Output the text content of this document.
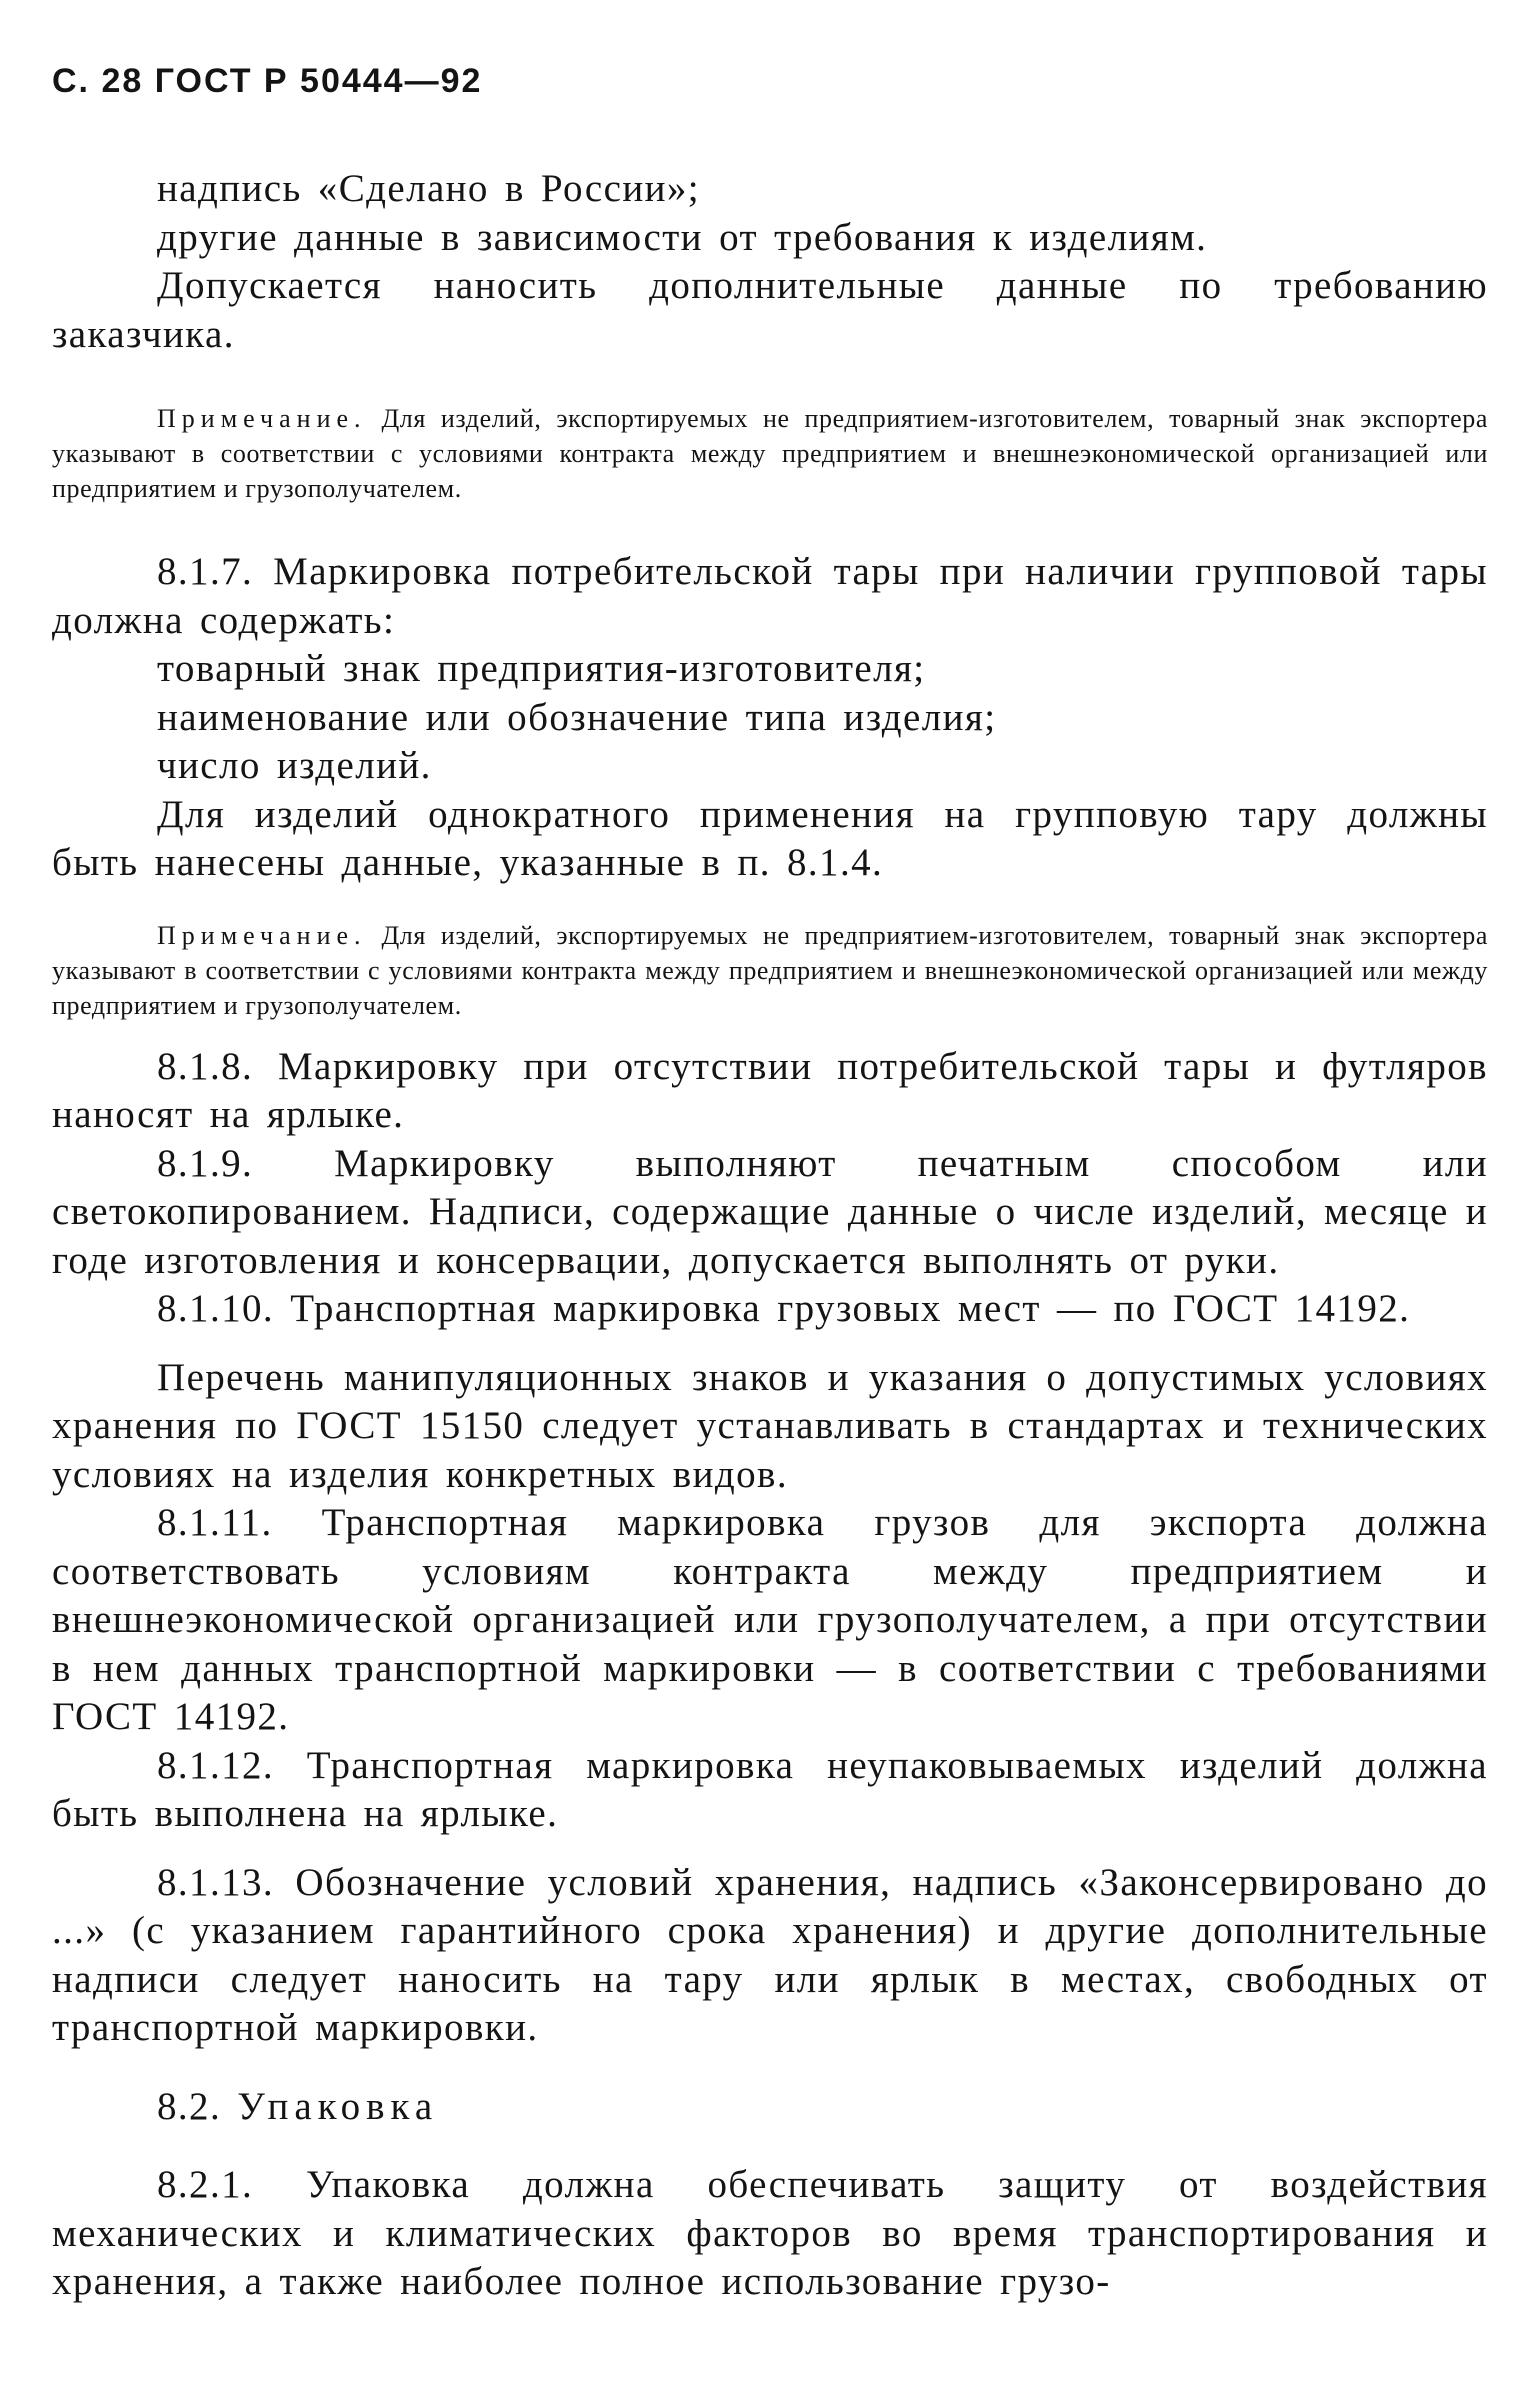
С. 28 ГОСТ Р 50444—92

надпись «Сделано в России»;

другие данные в зависимости от требования к изделиям.

Допускается наносить дополнительные данные по требованию заказчика.

Примечание. Для изделий, экспортируемых не предприятием-изготовителем, товарный знак экспортера указывают в соответствии с условиями контракта между предприятием и внешнеэкономической организацией или предприятием и грузополучателем.

8.1.7. Маркировка потребительской тары при наличии групповой тары должна содержать:

товарный знак предприятия-изготовителя;

наименование или обозначение типа изделия;

число изделий.

Для изделий однократного применения на групповую тару должны быть нанесены данные, указанные в п. 8.1.4.

Примечание. Для изделий, экспортируемых не предприятием-изготовителем, товарный знак экспортера указывают в соответствии с условиями контракта между предприятием и внешнеэкономической организацией или между предприятием и грузополучателем.

8.1.8. Маркировку при отсутствии потребительской тары и футляров наносят на ярлыке.

8.1.9. Маркировку выполняют печатным способом или светокопированием. Надписи, содержащие данные о числе изделий, месяце и годе изготовления и консервации, допускается выполнять от руки.

8.1.10. Транспортная маркировка грузовых мест — по ГОСТ 14192.

Перечень манипуляционных знаков и указания о допустимых условиях хранения по ГОСТ 15150 следует устанавливать в стандартах и технических условиях на изделия конкретных видов.

8.1.11. Транспортная маркировка грузов для экспорта должна соответствовать условиям контракта между предприятием и внешнеэкономической организацией или грузополучателем, а при отсутствии в нем данных транспортной маркировки — в соответствии с требованиями ГОСТ 14192.

8.1.12. Транспортная маркировка неупаковываемых изделий должна быть выполнена на ярлыке.

8.1.13. Обозначение условий хранения, надпись «Законсервировано до ...» (с указанием гарантийного срока хранения) и другие дополнительные надписи следует наносить на тару или ярлык в местах, свободных от транспортной маркировки.

8.2. Упаковка

8.2.1. Упаковка должна обеспечивать защиту от воздействия механических и климатических факторов во время транспортирования и хранения, а также наиболее полное использование грузо-
